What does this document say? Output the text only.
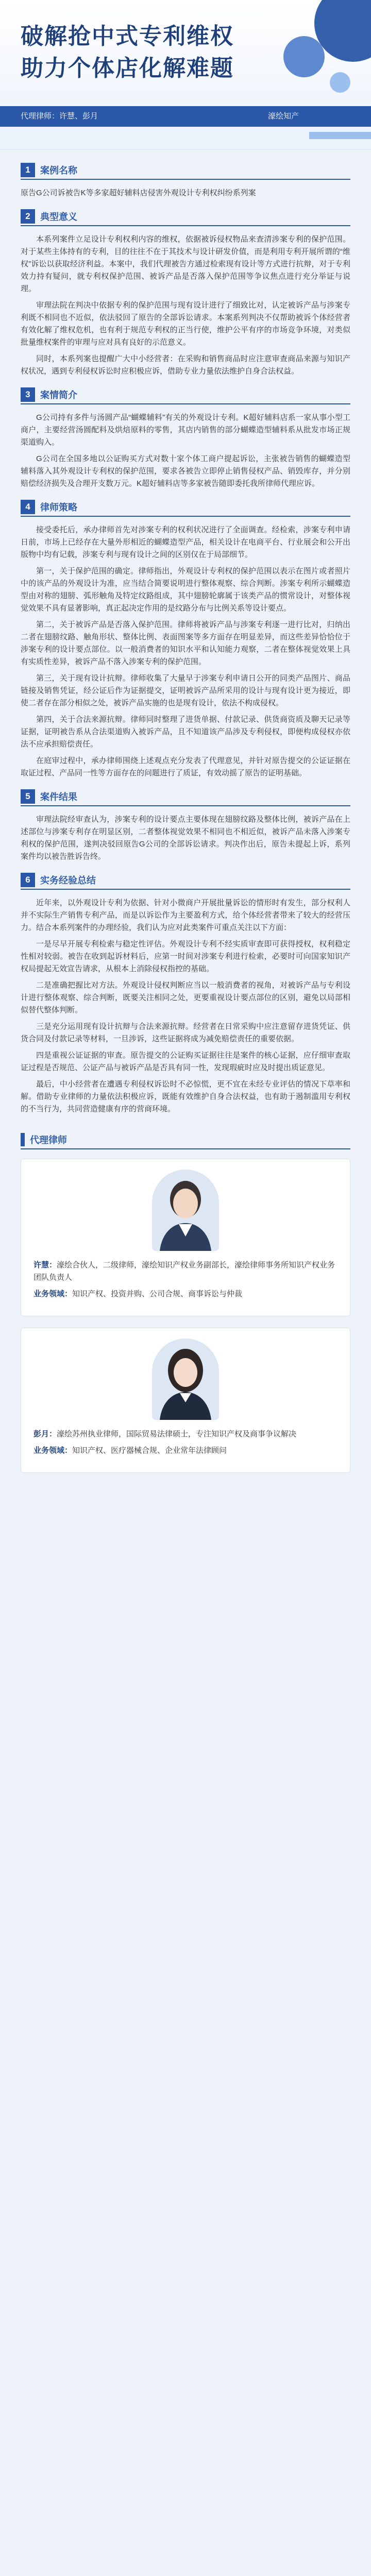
破解抢中式专利维权
助力个体店化解难题
代理律师：许慧、彭月	濠绘知产
1	案例名称

原告G公司诉被告K等多家超好辅料店侵害外观设计专利权纠纷系列案

2	典型意义

本系列案件立足设计专利权利内容的维权，依据被诉侵权物品来查清涉案专利的保护范围。对于某些主体持有的专利，目的往往不在于其技术与设计研发价值，而是利用专利开展所谓的“维权”诉讼以获取经济利益。本案中，我们代理被告方通过检索现有设计等方式进行抗辩，对于专利效力持有疑问，就专利权保护范围、被诉产品是否落入保护范围等争议焦点进行充分举证与说理。

审理法院在判决中依据专利的保护范围与现有设计进行了细致比对，认定被诉产品与涉案专利既不相同也不近似，依法驳回了原告的全部诉讼请求。本案系列判决不仅帮助被诉个体经营者有效化解了维权危机，也有利于规范专利权的正当行使，维护公平有序的市场竞争环境，对类似批量维权案件的审理与应对具有良好的示范意义。

同时，本系列案也提醒广大中小经营者：在采购和销售商品时应注意审查商品来源与知识产权状况，遇到专利侵权诉讼时应积极应诉，借助专业力量依法维护自身合法权益。

3	案情简介

G公司持有多件与汤圆产品“蝴蝶辅料”有关的外观设计专利。K超好辅料店系一家从事小型工商户，主要经营汤圆配料及烘焙原料的零售，其店内销售的部分蝴蝶造型辅料系从批发市场正规渠道购入。

G公司在全国多地以公证购买方式对数十家个体工商户提起诉讼，主张被告销售的蝴蝶造型辅料落入其外观设计专利权的保护范围，要求各被告立即停止销售侵权产品、销毁库存，并分别赔偿经济损失及合理开支数万元。K超好辅料店等多家被告随即委托我所律师代理应诉。

4	律师策略

接受委托后，承办律师首先对涉案专利的权利状况进行了全面调查。经检索，涉案专利申请日前，市场上已经存在大量外形相近的蝴蝶造型产品，相关设计在电商平台、行业展会和公开出版物中均有记载，涉案专利与现有设计之间的区别仅在于局部细节。

第一，关于保护范围的确定。律师指出，外观设计专利权的保护范围以表示在图片或者照片中的该产品的外观设计为准，应当结合简要说明进行整体观察、综合判断。涉案专利所示蝴蝶造型由对称的翅膀、弧形触角及特定纹路组成，其中翅膀轮廓属于该类产品的惯常设计，对整体视觉效果不具有显著影响，真正起决定作用的是纹路分布与比例关系等设计要点。

第二，关于被诉产品是否落入保护范围。律师将被诉产品与涉案专利逐一进行比对，归纳出二者在翅膀纹路、触角形状、整体比例、表面图案等多方面存在明显差异，而这些差异恰恰位于涉案专利的设计要点部位。以一般消费者的知识水平和认知能力观察，二者在整体视觉效果上具有实质性差异，被诉产品不落入涉案专利的保护范围。

第三，关于现有设计抗辩。律师收集了大量早于涉案专利申请日公开的同类产品图片、商品链接及销售凭证，经公证后作为证据提交，证明被诉产品所采用的设计与现有设计更为接近，即使二者存在部分相似之处，被诉产品实施的也是现有设计，依法不构成侵权。

第四，关于合法来源抗辩。律师同时整理了进货单据、付款记录、供货商资质及聊天记录等证据，证明被告系从合法渠道购入被诉产品，且不知道该产品涉及专利侵权，即便构成侵权亦依法不应承担赔偿责任。

在庭审过程中，承办律师围绕上述观点充分发表了代理意见，并针对原告提交的公证证据在取证过程、产品同一性等方面存在的问题进行了质证，有效动摇了原告的证明基础。

5	案件结果

审理法院经审查认为，涉案专利的设计要点主要体现在翅膀纹路及整体比例，被诉产品在上述部位与涉案专利存在明显区别，二者整体视觉效果不相同也不相近似，被诉产品未落入涉案专利权的保护范围，遂判决驳回原告G公司的全部诉讼请求。判决作出后，原告未提起上诉，系列案件均以被告胜诉告终。

6	实务经验总结

近年来，以外观设计专利为依据、针对小微商户开展批量诉讼的情形时有发生，部分权利人并不实际生产销售专利产品，而是以诉讼作为主要盈利方式，给个体经营者带来了较大的经营压力。结合本系列案件的办理经验，我们认为应对此类案件可重点关注以下方面：

一是尽早开展专利检索与稳定性评估。外观设计专利不经实质审查即可获得授权，权利稳定性相对较弱。被告在收到起诉材料后，应第一时间对涉案专利进行检索，必要时可向国家知识产权局提起无效宣告请求，从根本上消除侵权指控的基础。

二是准确把握比对方法。外观设计侵权判断应当以一般消费者的视角，对被诉产品与专利设计进行整体观察、综合判断，既要关注相同之处，更要重视设计要点部位的区别，避免以局部相似替代整体判断。

三是充分运用现有设计抗辩与合法来源抗辩。经营者在日常采购中应注意留存进货凭证、供货合同及付款记录等材料，一旦涉诉，这些证据将成为减免赔偿责任的重要依据。

四是重视公证证据的审查。原告提交的公证购买证据往往是案件的核心证据，应仔细审查取证过程是否规范、公证产品与被诉产品是否具有同一性，发现瑕疵时应及时提出质证意见。

最后，中小经营者在遭遇专利侵权诉讼时不必惊慌，更不宜在未经专业评估的情况下草率和解。借助专业律师的力量依法积极应诉，既能有效维护自身合法权益，也有助于遏制滥用专利权的不当行为，共同营造健康有序的营商环境。

代理律师

许慧：濠绘合伙人，二级律师，濠绘知识产权业务副部长，濠绘律师事务所知识产权业务团队负责人

业务领域：知识产权、投资并购、公司合规、商事诉讼与仲裁

彭月：濠绘苏州执业律师，国际贸易法律硕士，专注知识产权及商事争议解决

业务领域：知识产权、医疗器械合规、企业常年法律顾问
